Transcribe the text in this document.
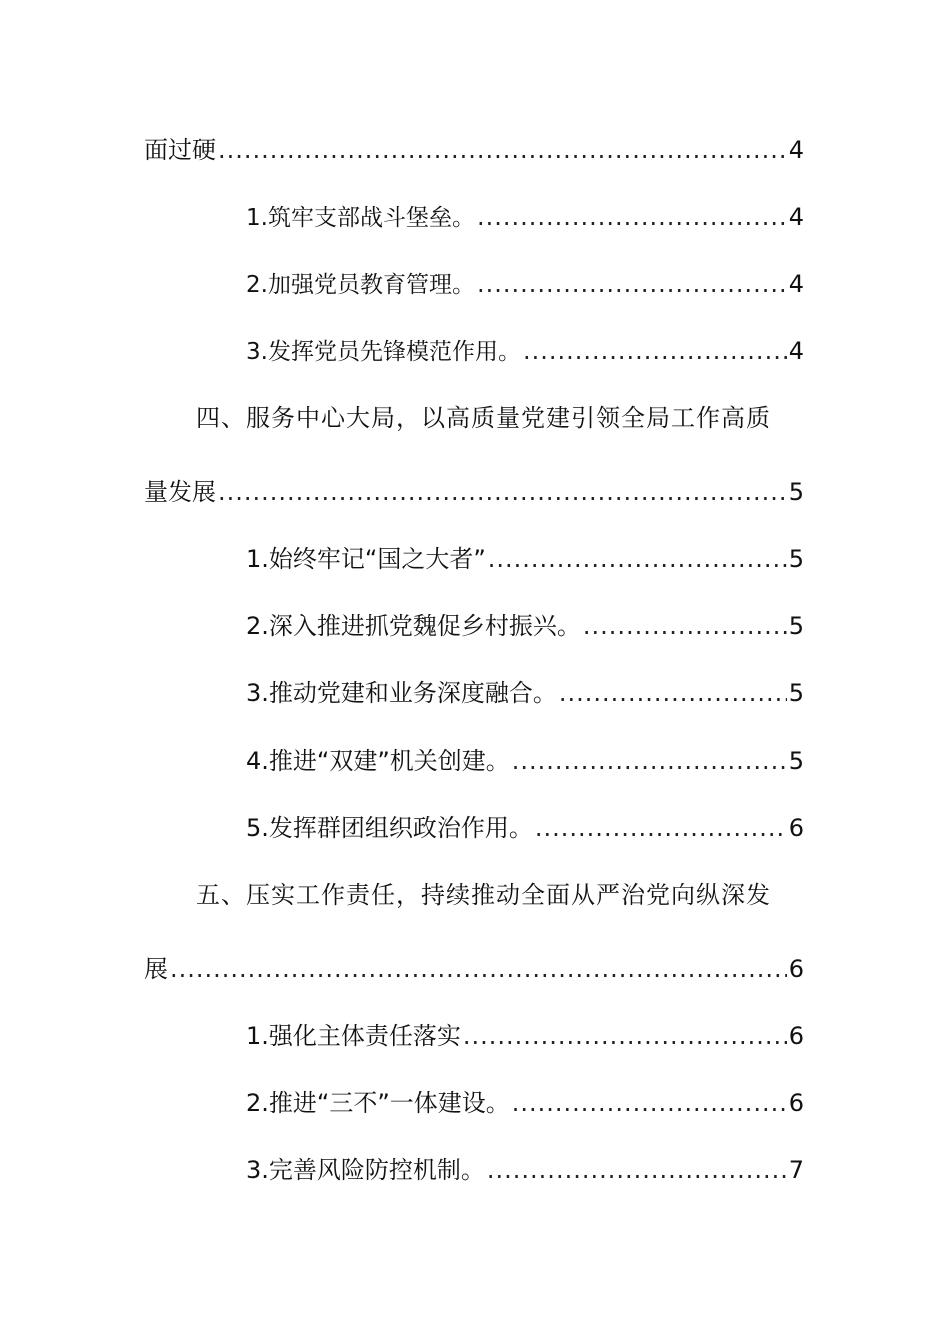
面过硬 .....	4
1.筑牢支部战斗堡垒。 .....	4
2.加强党员教育管理。 .....	4
3.发挥党员先锋模范作用。 .....	4
四、服务中心大局，以高质量党建引领全局工作高质
量发展 .....	5
1.始终牢记“国之大者” .....	5
2.深入推进抓党魏促乡村振兴。 .....	5
3.推动党建和业务深度融合。 .....	5
4.推进“双建”机关创建。 .....	5
5.发挥群团组织政治作用。 .....	6
五、压实工作责任，持续推动全面从严治党向纵深发
展 .....	6
1.强化主体责任落实 .....	6
2.推进“三不”一体建设。 .....	6
3.完善风险防控机制。 .....	7
